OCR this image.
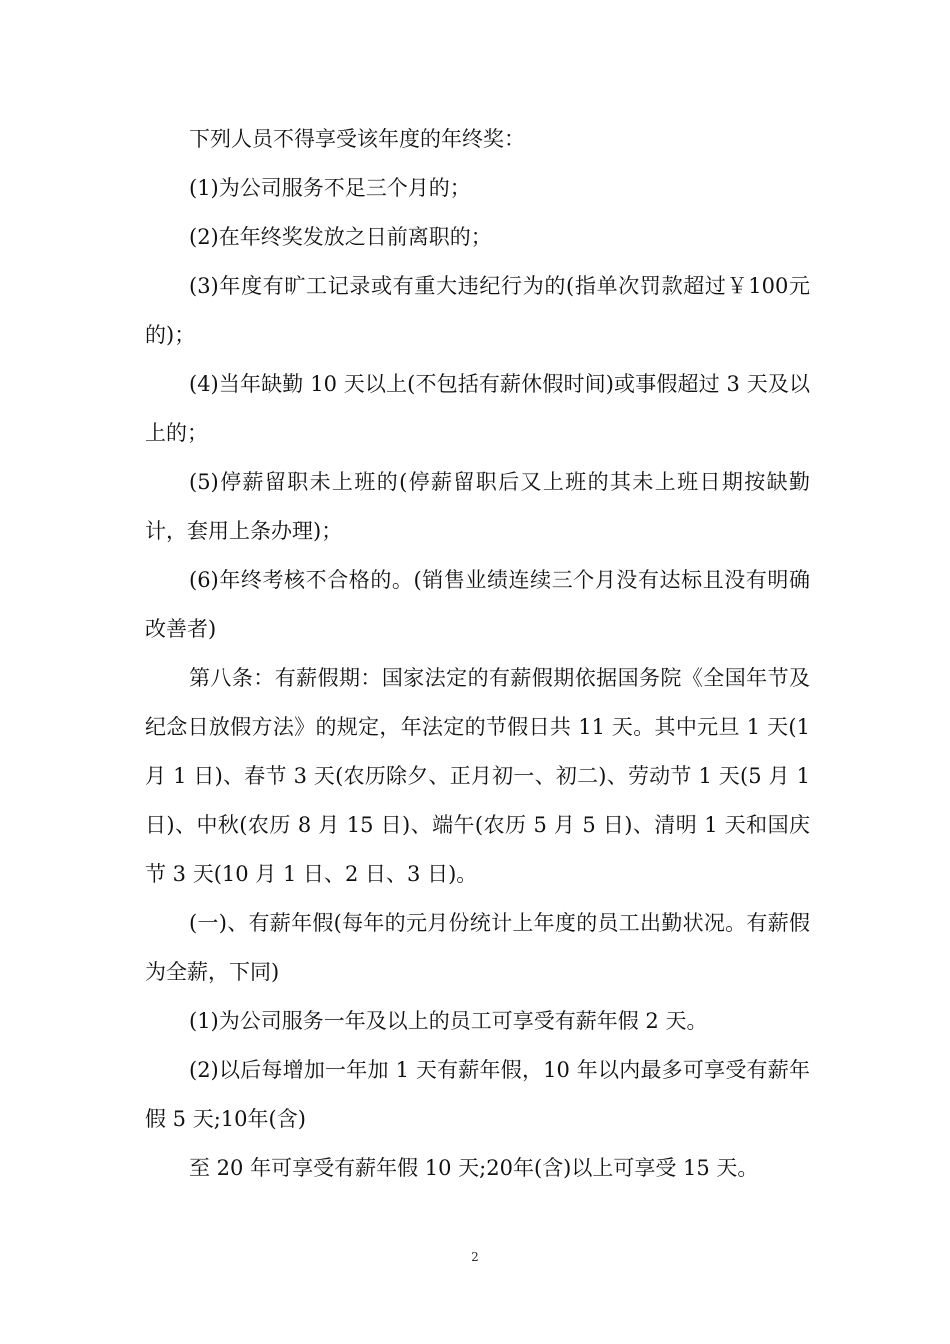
下列人员不得享受该年度的年终奖：

(1)为公司服务不足三个月的；

(2)在年终奖发放之日前离职的；

(3)年度有旷工记录或有重大违纪行为的(指单次罚款超过￥100元的)；

(4)当年缺勤 10 天以上(不包括有薪休假时间)或事假超过 3 天及以上的；

(5)停薪留职未上班的(停薪留职后又上班的其未上班日期按缺勤计，套用上条办理)；

(6)年终考核不合格的。(销售业绩连续三个月没有达标且没有明确改善者)

第八条：有薪假期：国家法定的有薪假期依据国务院《全国年节及纪念日放假方法》的规定，年法定的节假日共 11 天。其中元旦 1 天(1 月 1 日)、春节 3 天(农历除夕、正月初一、初二)、劳动节 1 天(5 月 1 日)、中秋(农历 8 月 15 日)、端午(农历 5 月 5 日)、清明 1 天和国庆节 3 天(10 月 1 日、2 日、3 日)。

(一)、有薪年假(每年的元月份统计上年度的员工出勤状况。有薪假为全薪，下同)

(1)为公司服务一年及以上的员工可享受有薪年假 2 天。

(2)以后每增加一年加 1 天有薪年假，10 年以内最多可享受有薪年假 5 天;10年(含)

至 20 年可享受有薪年假 10 天;20年(含)以上可享受 15 天。

2
